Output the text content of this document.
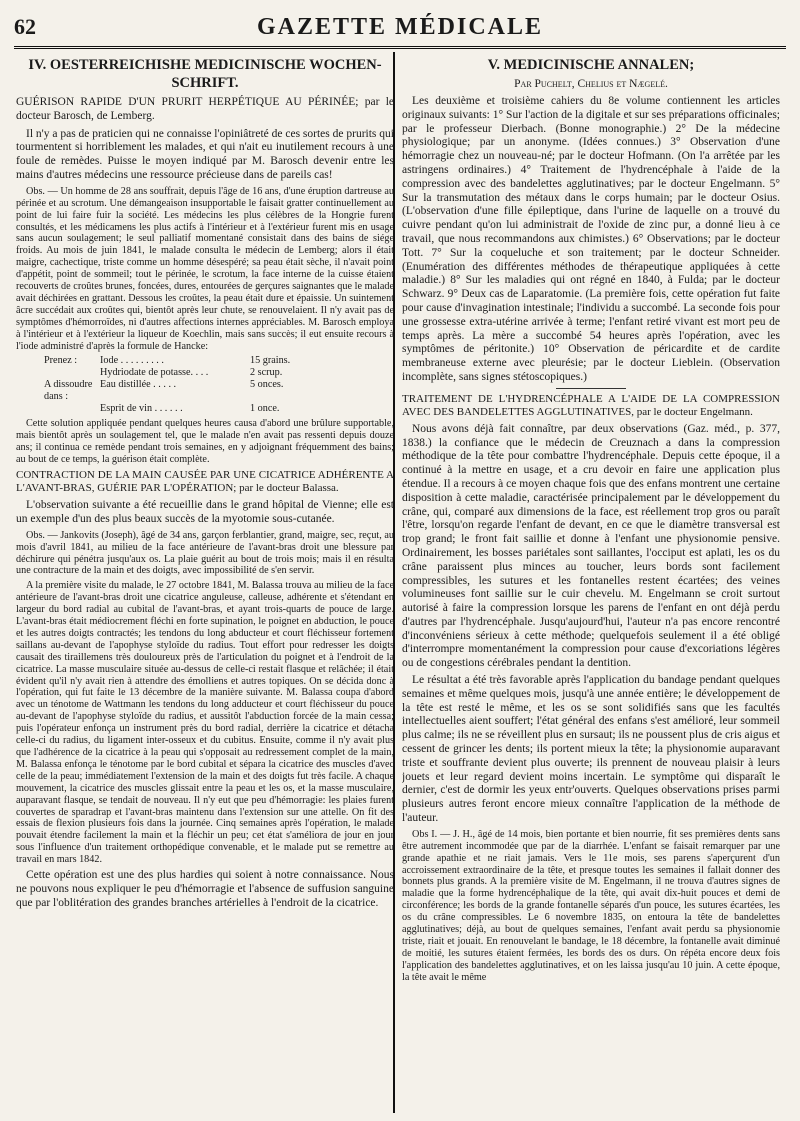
62	GAZETTE MÉDICALE
IV. OESTERREICHISHE MEDICINISCHE WOCHEN-SCHRIFT.
GUÉRISON RAPIDE D'UN PRURIT HERPÉTIQUE AU PÉRINÉE; par le docteur Barosch, de Lemberg.

Il n'y a pas de praticien qui ne connaisse l'opiniâtreté de ces sortes de prurits qui tourmentent si horriblement les malades, et qui n'ait eu inutilement recours à une foule de remèdes. Puisse le moyen indiqué par M. Barosch devenir entre les mains d'autres médecins une ressource précieuse dans de pareils cas!

Obs. — Un homme de 28 ans souffrait, depuis l'âge de 16 ans, d'une éruption dartreuse au périnée et au scrotum. Une démangeaison insupportable le faisait gratter continuellement au point de lui faire fuir la société. Les médecins les plus célèbres de la Hongrie furent consultés, et les médicamens les plus actifs à l'intérieur et à l'extérieur furent mis en usage sans aucun soulagement; le seul palliatif momentané consistait dans des bains de siége froids. Au mois de juin 1841, le malade consulta le médecin de Lemberg; alors il était maigre, cachectique, triste comme un homme désespéré; sa peau était sèche, il n'avait point d'appétit, point de sommeil; tout le périnée, le scrotum, la face interne de la cuisse étaient recouverts de croûtes brunes, foncées, dures, entourées de gerçures saignantes que le malade avait déchirées en grattant. Dessous les croûtes, la peau était dure et épaissie. Un suintement âcre succédait aux croûtes qui, bientôt après leur chute, se renouvelaient. Il n'y avait pas de symptômes d'hémorroïdes, ni d'autres affections internes appréciables. M. Barosch employa à l'intérieur et à l'extérieur la liqueur de Koechlin, mais sans succès; il eut ensuite recours à l'iode administré d'après la formule de Hancke:

Prenez :	Iode . . . . . . . . .	15 grains.
Hydriodate de potasse. . . .	2 scrup.
A dissoudre dans :
Eau distillée . . . . .	5 onces.
Esprit de vin . . . . . .	1 once.

Cette solution appliquée pendant quelques heures causa d'abord une brûlure supportable, mais bientôt après un soulagement tel, que le malade n'en avait pas ressenti depuis douze ans; il continua ce remède pendant trois semaines, en y adjoignant fréquemment des bains; au bout de ce temps, la guérison était complète.

CONTRACTION DE LA MAIN CAUSÉE PAR UNE CICATRICE ADHÉRENTE A L'AVANT-BRAS, GUÉRIE PAR L'OPÉRATION; par le docteur Balassa.

L'observation suivante a été recueillie dans le grand hôpital de Vienne; elle est un exemple d'un des plus beaux succès de la myotomie sous-cutanée.

Obs. — Jankovits (Joseph), âgé de 34 ans, garçon ferblantier, grand, maigre, sec, reçut, au mois d'avril 1841, au milieu de la face antérieure de l'avant-bras droit une blessure par déchirure qui pénétra jusqu'aux os. La plaie guérit au bout de trois mois; mais il en résulta une contracture de la main et des doigts, avec impossibilité de s'en servir.

A la première visite du malade, le 27 octobre 1841, M. Balassa trouva au milieu de la face antérieure de l'avant-bras droit une cicatrice anguleuse, calleuse, adhérente et s'étendant en largeur du bord radial au cubital de l'avant-bras, et ayant trois-quarts de pouce de large. L'avant-bras était médiocrement fléchi en forte supination, le poignet en abduction, le pouce et les autres doigts contractés; les tendons du long abducteur et court fléchisseur fortement saillans au-devant de l'apophyse styloïde du radius. Tout effort pour redresser les doigts causait des tiraillemens très douloureux près de l'articulation du poignet et à l'endroit de la cicatrice. La masse musculaire située au-dessus de celle-ci restait flasque et relâchée; il était évident qu'il n'y avait rien à attendre des émolliens et autres topiques. On se décida donc à l'opération, qui fut faite le 13 décembre de la manière suivante. M. Balassa coupa d'abord avec un ténotome de Wattmann les tendons du long adducteur et court fléchisseur du pouce au-devant de l'apophyse styloïde du radius, et aussitôt l'abduction forcée de la main cessa; puis l'opérateur enfonça un instrument près du bord radial, derrière la cicatrice et détacha celle-ci du radius, du ligament inter-osseux et du cubitus. Ensuite, comme il n'y avait plus que l'adhérence de la cicatrice à la peau qui s'opposait au redressement complet de la main, M. Balassa enfonça le ténotome par le bord cubital et sépara la cicatrice des muscles d'avec celle de la peau; immédiatement l'extension de la main et des doigts fut très facile. A chaque mouvement, la cicatrice des muscles glissait entre la peau et les os, et la masse musculaire, auparavant flasque, se tendait de nouveau. Il n'y eut que peu d'hémorragie: les plaies furent couvertes de sparadrap et l'avant-bras maintenu dans l'extension sur une attelle. On fit des essais de flexion plusieurs fois dans la journée. Cinq semaines après l'opération, le malade pouvait étendre facilement la main et la fléchir un peu; cet état s'améliora de jour en jour sous l'influence d'un traitement orthopédique convenable, et le malade put se remettre au travail en mars 1842.

Cette opération est une des plus hardies qui soient à notre connaissance. Nous ne pouvons nous expliquer le peu d'hémorragie et l'absence de suffusion sanguine que par l'oblitération des grandes branches artérielles à l'endroit de la cicatrice.

V. MEDICINISCHE ANNALEN;
Par Puchelt, Chelius et Nægelé.

Les deuxième et troisième cahiers du 8e volume contiennent les articles originaux suivants: 1° Sur l'action de la digitale et sur ses préparations officinales; par le professeur Dierbach. (Bonne monographie.) 2° De la médecine physiologique; par un anonyme. (Idées connues.) 3° Observation d'une hémorragie chez un nouveau-né; par le docteur Hofmann. (On l'a arrêtée par les astringens ordinaires.) 4° Traitement de l'hydrencéphale à l'aide de la compression avec des bandelettes agglutinatives; par le docteur Engelmann. 5° Sur la transmutation des métaux dans le corps humain; par le docteur Osius. (L'observation d'une fille épileptique, dans l'urine de laquelle on a trouvé du cuivre pendant qu'on lui administrait de l'oxide de zinc pur, a donné lieu à ce travail, que nous recommandons aux chimistes.) 6° Observations; par le docteur Tott. 7° Sur la coqueluche et son traitement; par le docteur Schneider. (Enumération des différentes méthodes de thérapeutique appliquées à cette maladie.) 8° Sur les maladies qui ont régné en 1840, à Fulda; par le docteur Schwarz. 9° Deux cas de Laparatomie. (La première fois, cette opération fut faite pour cause d'invagination intestinale; l'individu a succombé. La seconde fois pour une grossesse extra-utérine arrivée à terme; l'enfant retiré vivant est mort peu de temps après. La mère a succombé 54 heures après l'opération, avec les symptômes de péritonite.) 10° Observation de péricardite et de cardite membraneuse externe avec pleurésie; par le docteur Lieblein. (Observation incomplète, sans signes stétoscopiques.)

TRAITEMENT DE L'HYDRENCÉPHALE A L'AIDE DE LA COMPRESSION AVEC DES BANDELETTES AGGLUTINATIVES, par le docteur Engelmann.

Nous avons déjà fait connaître, par deux observations (Gaz. méd., p. 377, 1838.) la confiance que le médecin de Creuznach a dans la compression méthodique de la tête pour combattre l'hydrencéphale. Depuis cette époque, il a continué à la mettre en usage, et a cru devoir en faire une application plus étendue. Il a recours à ce moyen chaque fois que des enfans montrent une certaine disposition à cette maladie, caractérisée principalement par le développement du crâne, qui, comparé aux dimensions de la face, est réellement trop gros ou paraît l'être, lorsqu'on regarde l'enfant de devant, en ce que le diamètre transversal est trop grand; le front fait saillie et donne à l'enfant une physionomie pensive. Ordinairement, les bosses pariétales sont saillantes, l'occiput est aplati, les os du crâne paraissent plus minces au toucher, leurs bords sont facilement compressibles, les sutures et les fontanelles restent écartées; des veines volumineuses font saillie sur le cuir chevelu. M. Engelmann se croit surtout autorisé à faire la compression lorsque les parens de l'enfant en ont déjà perdu d'autres par l'hydrencéphale. Jusqu'aujourd'hui, l'auteur n'a pas encore rencontré d'inconvéniens sérieux à cette méthode; quelquefois seulement il a été obligé d'interrompre momentanément la compression pour cause d'excoriations légères ou de congestions cérébrales pendant la dentition.

Le résultat a été très favorable après l'application du bandage pendant quelques semaines et même quelques mois, jusqu'à une année entière; le développement de la tête est resté le même, et les os se sont solidifiés sans que les facultés intellectuelles aient souffert; l'état général des enfans s'est amélioré, leur sommeil plus calme; ils ne se réveillent plus en sursaut; ils ne poussent plus de cris aigus et cessent de grincer les dents; ils portent mieux la tête; la physionomie auparavant triste et souffrante devient plus ouverte; ils prennent de nouveau plaisir à leurs jouets et leur regard devient moins incertain. Le symptôme qui disparaît le dernier, c'est de dormir les yeux entr'ouverts. Quelques observations prises parmi plusieurs autres feront encore mieux connaître l'application de la méthode de l'auteur.

Obs I. — J. H., âgé de 14 mois, bien portante et bien nourrie, fit ses premières dents sans être autrement incommodée que par de la diarrhée. L'enfant se faisait remarquer par une grande apathie et ne riait jamais. Vers le 11e mois, ses parens s'aperçurent d'un accroissement extraordinaire de la tête, et presque toutes les semaines il fallait donner des bonnets plus grands. A la première visite de M. Engelmann, il ne trouva d'autres signes de maladie que la forme hydrencéphalique de la tête, qui avait dix-huit pouces et demi de circonférence; les bords de la grande fontanelle séparés d'un pouce, les sutures écartées, les os du crâne compressibles. Le 6 novembre 1835, on entoura la tête de bandelettes agglutinatives; déjà, au bout de quelques semaines, l'enfant avait perdu sa physionomie triste, riait et jouait. En renouvelant le bandage, le 18 décembre, la fontanelle avait diminué de moitié, les sutures étaient fermées, les bords des os durs. On répéta encore deux fois l'application des bandelettes agglutinatives, et on les laissa jusqu'au 10 juin. A cette époque, la tête avait le même
